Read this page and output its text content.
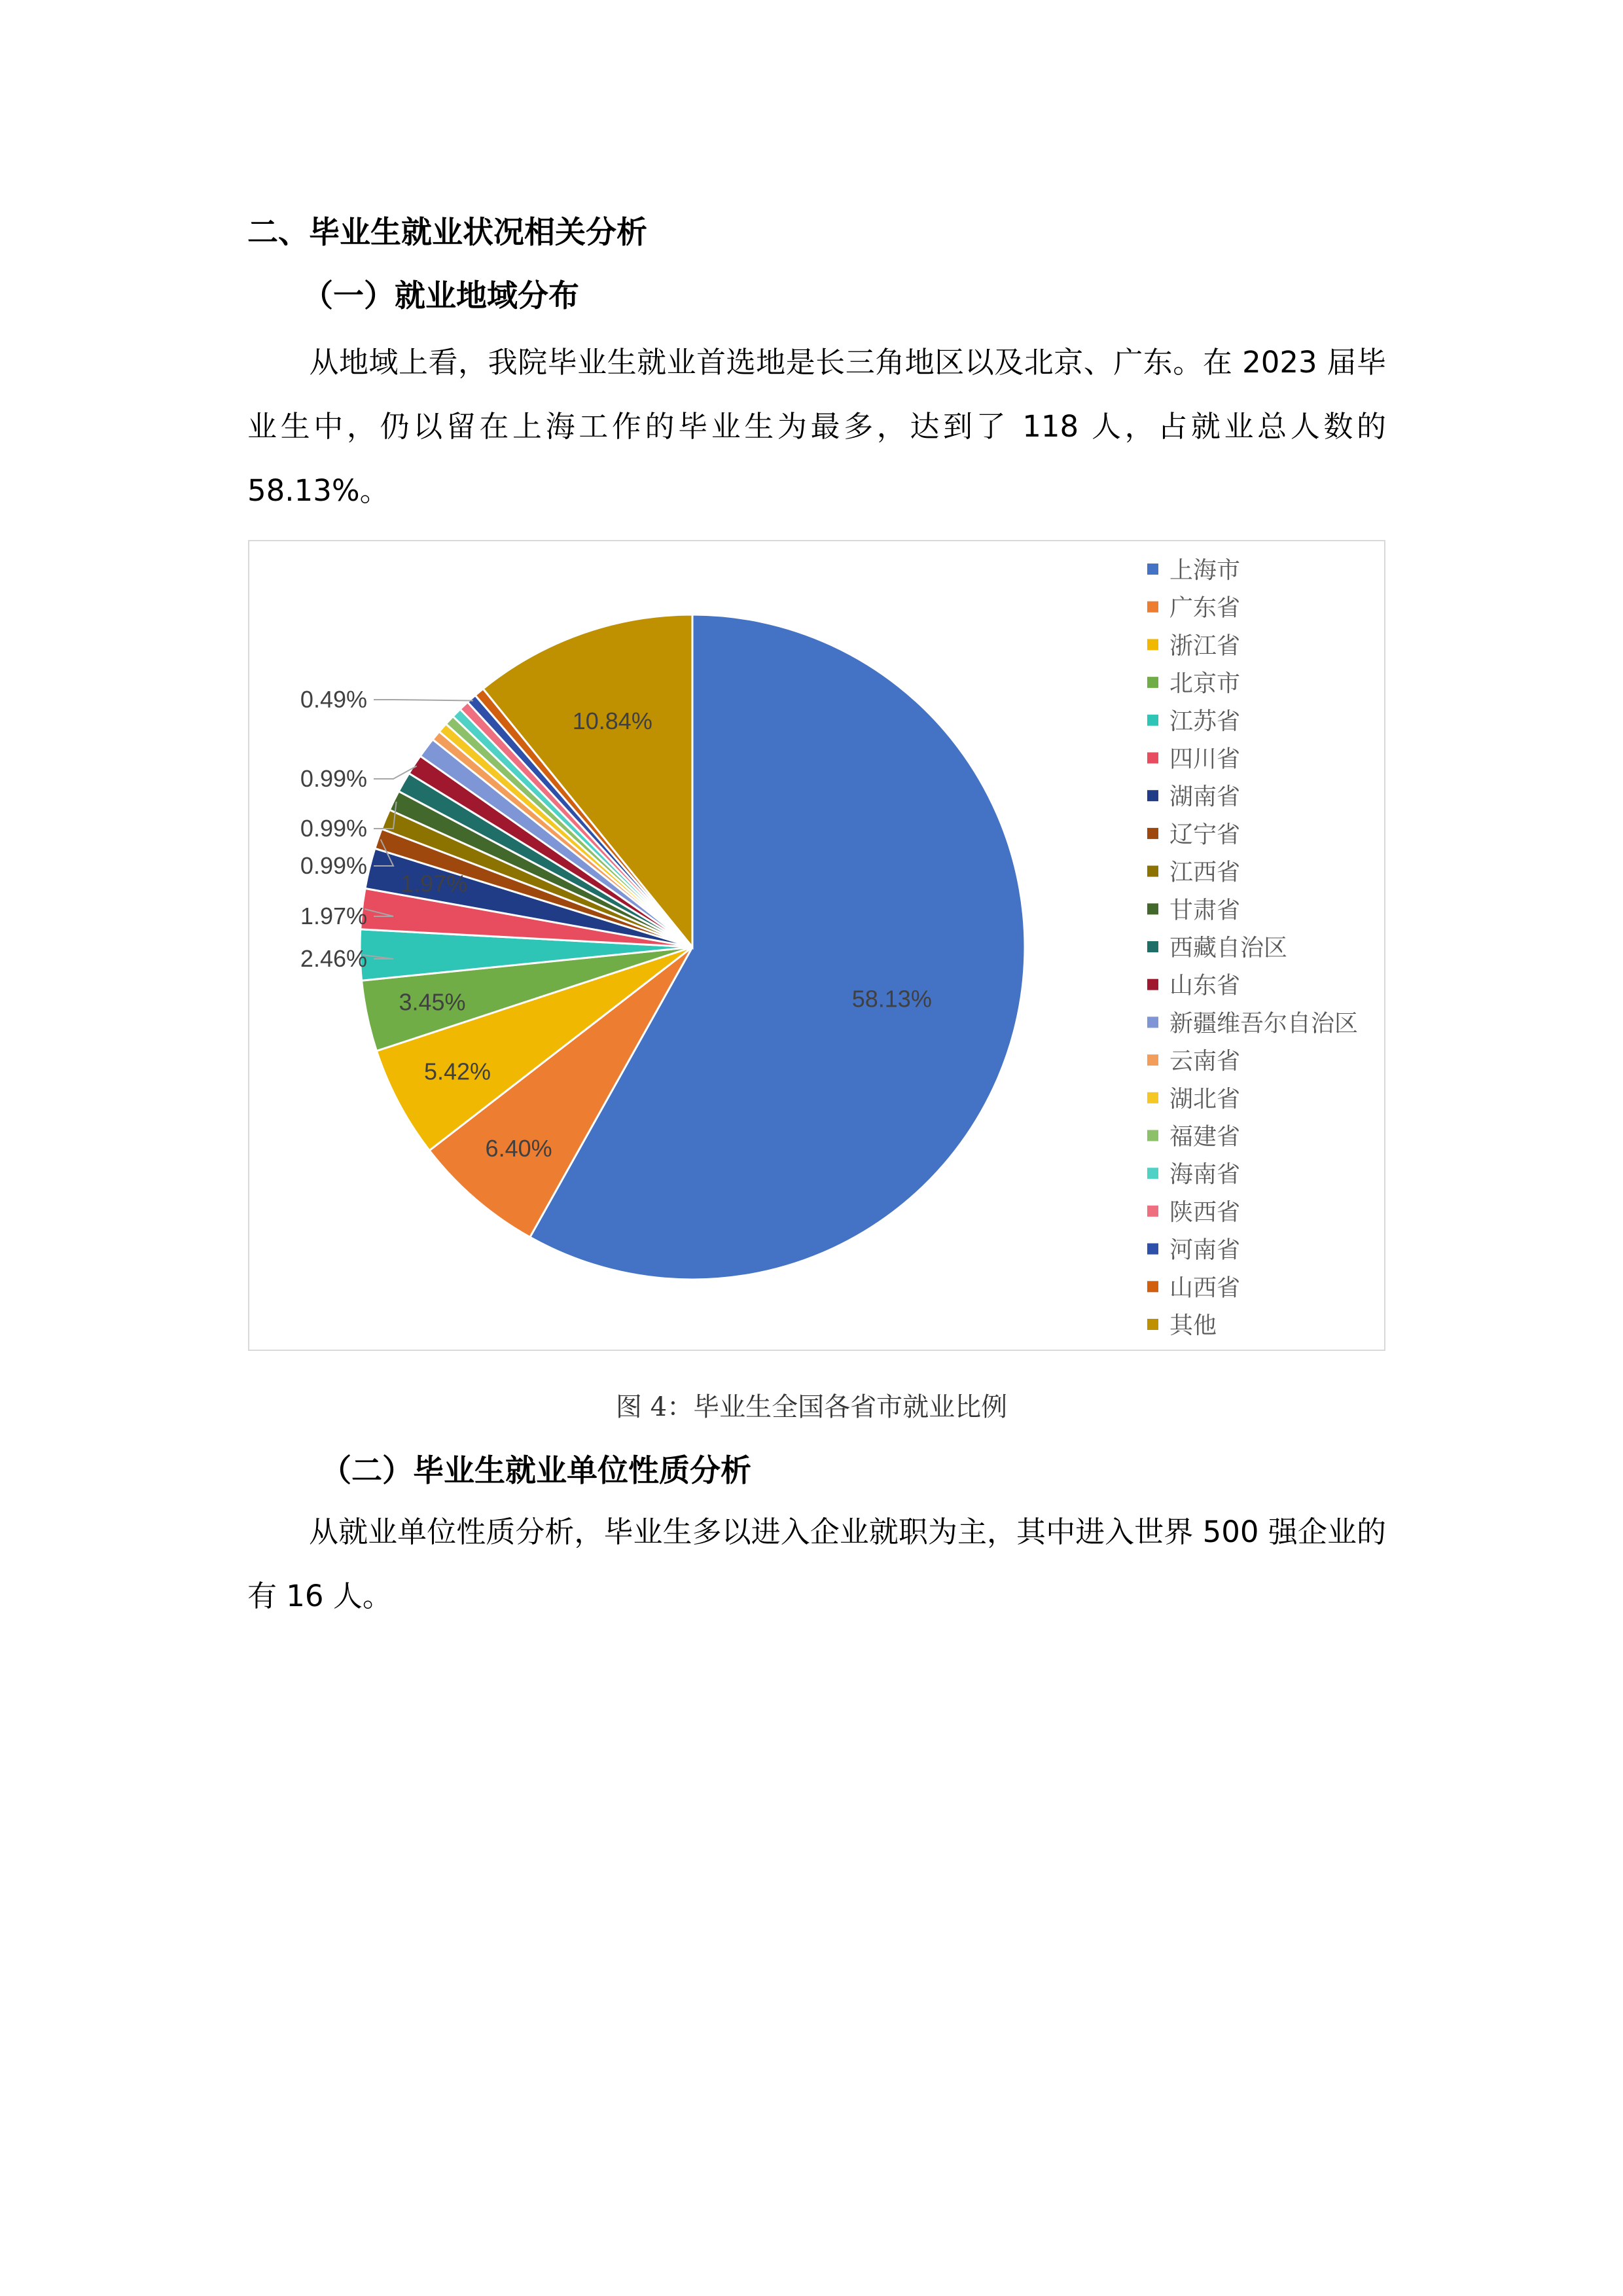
二、毕业生就业状况相关分析
（一）就业地域分布

从地域上看，我院毕业生就业首选地是长三角地区以及北京、广东。在 2023 届毕业生中，仍以留在上海工作的毕业生为最多，达到了 118 人，占就业总人数的 58.13%。

58.13%
6.40%
5.42%
3.45%
2.46%
1.97%
1.97%
0.99%
0.99%
0.99%
0.49%
10.84%
上海市
广东省
浙江省
北京市
江苏省
四川省
湖南省
辽宁省
江西省
甘肃省
西藏自治区
山东省
新疆维吾尔自治区
云南省
湖北省
福建省
海南省
陕西省
河南省
山西省
其他
图 4：毕业生全国各省市就业比例
（二）毕业生就业单位性质分析

从就业单位性质分析，毕业生多以进入企业就职为主，其中进入世界 500 强企业的有 16 人。
